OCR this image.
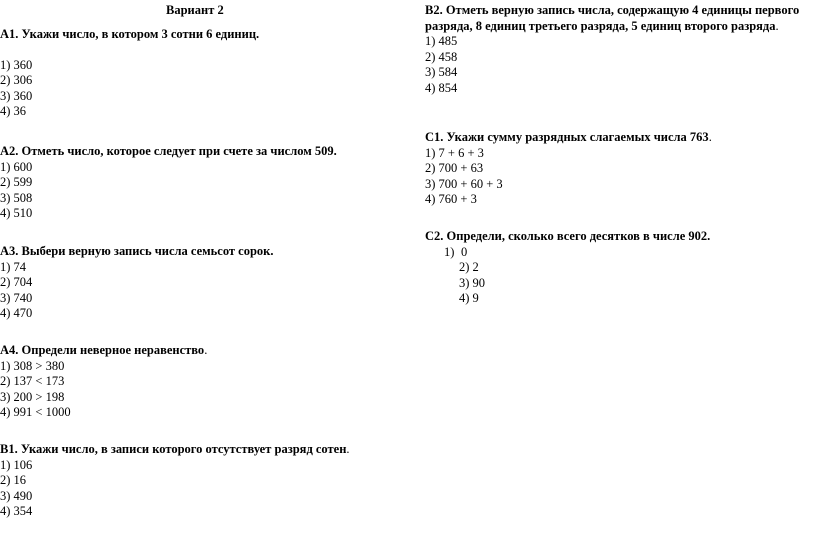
Вариант 2
А1. Укажи число, в котором 3 сотни 6 единиц.
1) 360
2) 306
3) 360
4) 36
А2. Отметь число, которое следует при счете за числом 509.
1) 600
2) 599
3) 508
4) 510
А3. Выбери верную запись числа семьсот сорок.
1) 74
2) 704
3) 740
4) 470
А4. Определи неверное неравенство.
1) 308 > 380
2) 137 < 173
3) 200 > 198
4) 991 < 1000
В1. Укажи число, в записи которого отсутствует разряд сотен.
1) 106
2) 16
3) 490
4) 354
В2. Отметь верную запись числа, содержащую 4 единицы первого разряда, 8 единиц третьего разряда, 5 единиц второго разряда.
1) 485
2) 458
3) 584
4) 854
С1. Укажи сумму разрядных слагаемых числа 763.
1) 7 + 6 + 3
2) 700 + 63
3) 700 + 60 + 3
4) 760 + 3
С2. Определи, сколько всего десятков в числе 902.
1) 0
2) 2
3) 90
4) 9
